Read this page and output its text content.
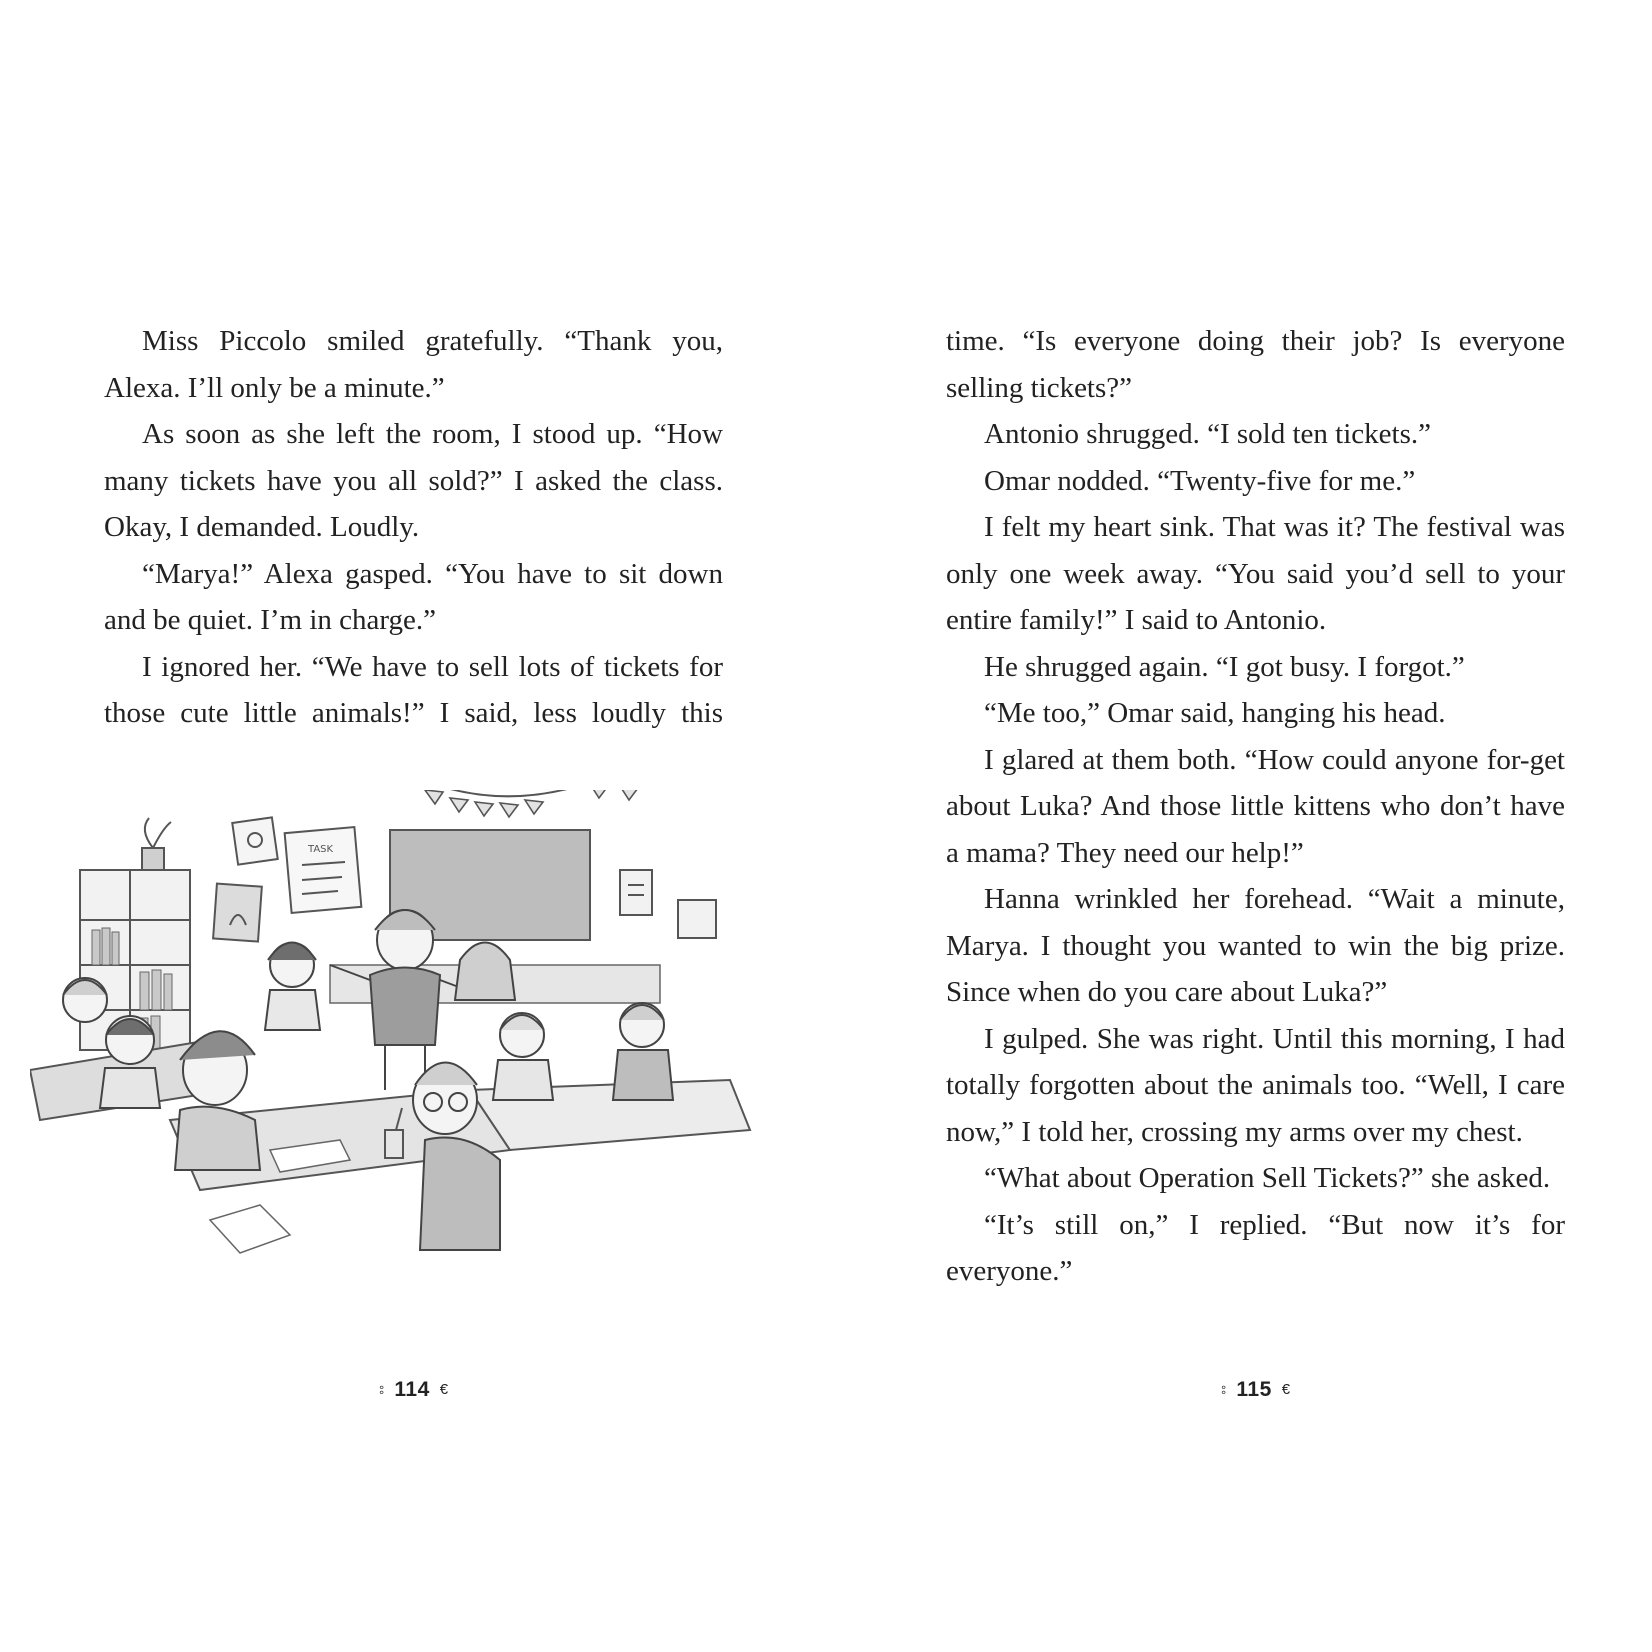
Miss Piccolo smiled gratefully. “Thank you, Alexa. I’ll only be a minute.”

As soon as she left the room, I stood up. “How many tickets have you all sold?” I asked the class. Okay, I demanded. Loudly.

“Marya!” Alexa gasped. “You have to sit down and be quiet. I’m in charge.”

I ignored her. “We have to sell lots of tickets for those cute little animals!” I said, less loudly this

TASK
⦂ 114 €

time. “Is everyone doing their job? Is everyone selling tickets?”

Antonio shrugged. “I sold ten tickets.”

Omar nodded. “Twenty-five for me.”

I felt my heart sink. That was it? The festival was only one week away. “You said you’d sell to your entire family!” I said to Antonio.

He shrugged again. “I got busy. I forgot.”

“Me too,” Omar said, hanging his head.

I glared at them both. “How could anyone for-get about Luka? And those little kittens who don’t have a mama? They need our help!”

Hanna wrinkled her forehead. “Wait a minute, Marya. I thought you wanted to win the big prize. Since when do you care about Luka?”

I gulped. She was right. Until this morning, I had totally forgotten about the animals too. “Well, I care now,” I told her, crossing my arms over my chest.

“What about Operation Sell Tickets?” she asked.

“It’s still on,” I replied. “But now it’s for everyone.”

⦂ 115 €
